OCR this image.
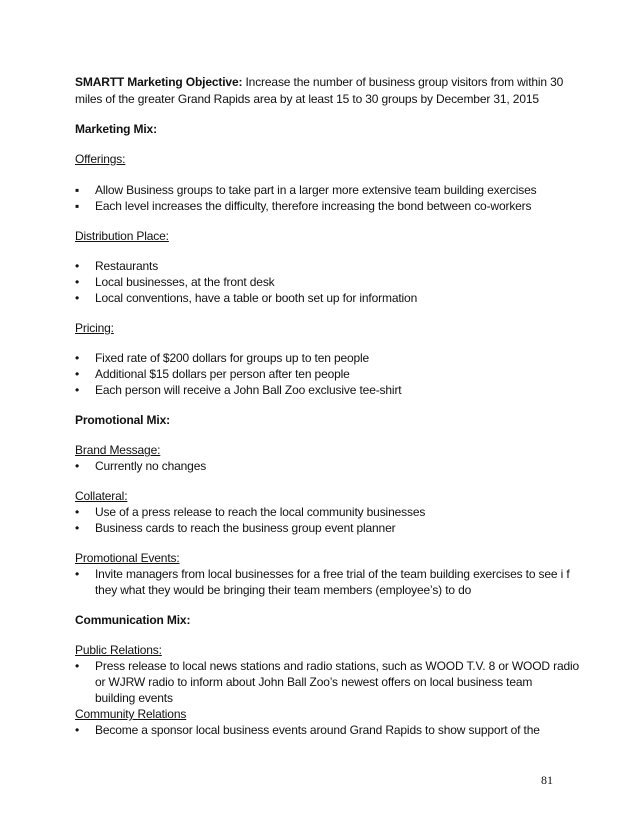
SMARTT Marketing Objective: Increase the number of business group visitors from within 30
miles of the greater Grand Rapids area by at least 15 to 30 groups by December 31, 2015
Marketing Mix:
Offerings:
▪ Allow Business groups to take part in a larger more extensive team building exercises
▪ Each level increases the difficulty, therefore increasing the bond between co-workers
Distribution Place:
• Restaurants
• Local businesses, at the front desk
• Local conventions, have a table or booth set up for information
Pricing:
• Fixed rate of $200 dollars for groups up to ten people
• Additional $15 dollars per person after ten people
• Each person will receive a John Ball Zoo exclusive tee-shirt
Promotional Mix:
Brand Message:
• Currently no changes
Collateral:
• Use of a press release to reach the local community businesses
• Business cards to reach the business group event planner
Promotional Events:
• Invite managers from local businesses for a free trial of the team building exercises to see i f
they what they would be bringing their team members (employee’s) to do
Communication Mix:
Public Relations:
• Press release to local news stations and radio stations, such as WOOD T.V. 8 or WOOD radio
or WJRW radio to inform about John Ball Zoo’s newest offers on local business team
building events
Community Relations
• Become a sponsor local business events around Grand Rapids to show support of the
81
